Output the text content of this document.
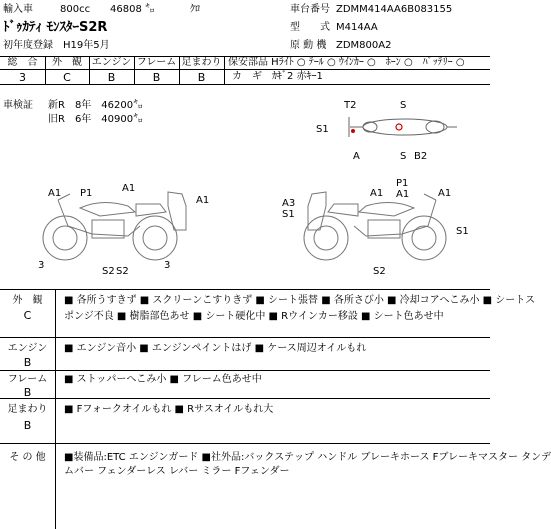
輸入車	800cc 46808 ㌔	ｸﾛ
ﾄﾞｩｶﾃｨ ﾓﾝｽﾀｰS2R
初年度登録　H19年5月
車台番号 ZDMM414AA6B083155
型　　式 M414AA
原 動 機 ZDM800A2
総　合	外　観 エンジン フレーム 足まわり
3	C	B	B	B
保安部品 Hﾗｲﾄ ○ ﾃｰﾙ ○ ｳｲﾝｶｰ ○　ﾎｰﾝ ○　ﾊﾞｯﾃﾘｰ ○
カ　ギ　ｶｷﾞ2 赤ｷｰ1
車検証 新R　8年　46200㌔
旧R　6年　40900㌔
T2	S
S1
A	S B2
A1 P1	A1
A1
3
S2 S2
3
A3
S1
A1
P1
A1	A1
S1
S2
外　観
C
■ 各所うすきず ■ スクリーンこすりきず ■ シート張替 ■ 各所さび小 ■ 冷却コアへこみ小 ■ シートス
ポンジ不良 ■ 樹脂部色あせ ■ シート硬化中 ■ Rウインカー移設 ■ シート色あせ中
エンジン
B
■ エンジン音小 ■ エンジンペイントはげ ■ ケース周辺オイルもれ
フレーム
B
■ ストッパーへこみ小 ■ フレーム色あせ中
足まわり
B
■ Fフォークオイルもれ ■ Rサスオイルもれ大
そ の 他	■装備品:ETC エンジンガード ■社外品:バックステップ ハンドル ブレーキホース Fブレーキマスター タンデ
ムバー フェンダーレス レバー ミラー Fフェンダー
